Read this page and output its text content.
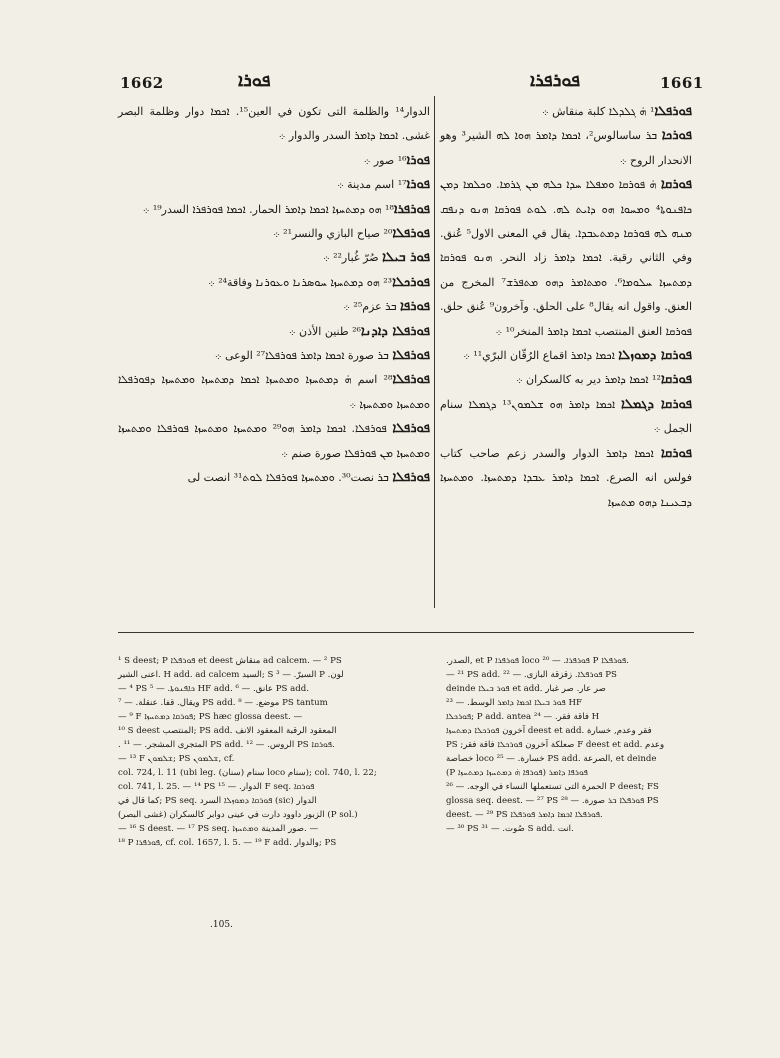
1662	ܦܘܪܐ	ܦܘܪܦܪܐ	1661

الدوار¹⁴ والظلمة التى تكون في العين¹⁵. ܐܟܡܐ دوار وظلمة البصر غشى. ܐܟܡܐ ܕܐܡܪ السدر والدوار ܀

ܦܘܪܐ¹⁶ صور ܀

ܦܘܪܐ¹⁷ اسم مدينة ܀

ܦܘܪܦܪܐ¹⁸ ܗܘ ܕܡܬܚܙܐ ܐܟܡܐ ܕܐܡܪ الحمار. ܐܟܡܐ ܦܘܪܦܪܐ السدر¹⁹ ܀

ܦܘܪܦܠܐ²⁰ صياح البازي والنسر²¹ ܀

ܦܘܪ ܒܝܠܐ صُرّ غُبار²² ܀

ܦܘܪܟܠܐ²³ ܗܘ ܕܡܬܚܙܐ ܚܘܣܪܢܐ ܘܥܘܪܢܐ وفاقة²⁴ ܀

ܦܘܪܦܐ ܒܪ عزم²⁵ ܀

ܦܘܪܦܠܐ ܕܐܕܢܐ²⁶ طنين الأذن ܀

ܦܘܪܦܠܐ ܒܪ صورة ܐܟܡܐ ܕܐܡܪ ܦܘܪܦܠܐ²⁷ الوعى ܀

ܦܘܪܦܠܐ²⁸ اسم ܗ̇ ܕܡܬܚܙܐ ܘܡܬܚܙܐ ܐܟܡܐ ܕܡܬܚܙܐ ܘܡܬܚܙܐ ܕܦܘܪܦܠܐ ܘܡܬܚܙܐ ܘܡܬܚܙܐ ܀

ܦܘܪܦܠܐ ܦܘܪܦܠܐ. ܐܟܡܐ ܕܐܡܪ ܗܘ²⁹ ܘܡܬܚܙܐ ܘܡܬܚܙܐ ܦܘܪܦܠܐ ܘܡܬܚܙܐ ܘܡܬܚܙܐ ܡܢ ܦܘܪܦܠܐ صورة صنم ܀

ܦܘܪܦܠܐ ܒܪ نصت³⁰. ܘܡܬܚܙܐ ܦܘܪܦܠܐ ܠܘܬ³¹ انصت لى

ܦܘܪܦܠܐ¹ ܗ̇ ܓܠܕܠܐ كلبة منقاش ܀

ܦܘܪܟܐ ܒܪ ساسالوس²، ܐܟܡܐ ܕܐܡܪ ܗܘܐ ܠܗ الشير³ وهو الانحدار الروح ܀

ܦܘܪܩܐ ܗ̇ ܦܘܪܩܐ ܘܡܦܠܐ ܚܕܐ ܟܠܗ ܡܢ ܓܪܡܐ. ܘܟܠܡܐ ܕܡܢ ܟܐܦܢܘܬܐ⁴ ܘܡܚܘܐ ܗܘ ܕܐܝܬ ܠܗ. ܠܘܬ ܦܘܪܩܐ ܗܢܘ ܕܢܦܩ ܡܢܗ ܠܗ ܦܘܪܩܐ ܕܡܬܥܒܕܐ. يقال في المعنى الاول⁵ عُنق. وفي الثاني رقبة. ܐܟܡܐ ܕܐܡܪ زاد النحر. ܗܢܘ ܦܘܪܩܐ ܕܡܬܚܙܐ ܚܠܘܡܐ⁶. ܘܡܬܐܡܪ ܕܗܘ ܡܬܦܪܫ⁷ المخرج من العنق. واقول انه يقال⁸ على الحلق. وآخرون⁹ عُنق حلق. ܦܘܪܩܐ العنق المنتصب ܐܟܡܐ ܕܐܡܪ المنخر¹⁰ ܀

ܦܘܪܩܐ ܕܡܘܙܠܐ ܐܟܡܐ ܕܐܡܪ اقماع الرُقّان البرّي¹¹ ܀

ܦܘܪܩܐ¹² ܐܟܡܐ ܕܐܡܪ دير به كالسكران ܀

ܦܘܪܩܐ ܕܓܡܠܐ ܐܟܡܐ ܕܐܡܪ ܗܘ ܫܠܡܘܢ¹³ ܕܓܡܠܐ سنام الجمل ܀

ܦܘܪܩܐ ܐܟܡܐ ܕܐܡܪ الدوار والسدر زعم صاحب كتاب فولس انه الصرع. ܐܟܡܐ ܕܐܡܪ ܥܒܕܐ ܕܡܬܚܙܐ. ܘܡܬܚܙܐ ܕܒܥܝܢܐ ܕܗܘ ܡܬܚܙܐ

¹ S deest; P ܦܘܪܦܠܐ et deest منقاش ad calcem. — ² PS

اعنى الشير. H add. ad calcem السيد; S السيرّ. — ³ P .لون

— ⁴ PS ܟܐܦܢܘܬܐ. — ⁵ HF add. عانق. — ⁶ PS add.

ويقال. قفا. عنقلة. — ⁷ PS add. موضع. — ⁸ PS tantum

— ⁹ F ܦܘܪܩܐ ܕܡܬܚܙܐ; PS hæc glossa deest. —

¹⁰ S deest المنتصب; PS add. المعقود الرقبة المعقود الانف

. المتجرى المشجر. — ¹¹ PS add. الروس. — ¹² PS ܦܘܪܩܐ.

— ¹³ F ܫܠܡܘܢ; PS ܫܠܡܘܢ, cf.

col. 724, l. 11 (ubi leg. سنام (سنان) loco سنام); col. 740, l. 22;

col. 741, l. 25. — ¹⁴ PS الدوار. — ¹⁵ F seq. ܦܘܪܩܐ

كما قال في; PS seq. ܦܘܪܩܐ ܕܡܘܙܠܐ السرد (sic) الدوار

الزبور داوود دارت في عينى دوابر كالسكران (غشى البصر) (P sol.)

— ¹⁶ S deest. — ¹⁷ PS seq. صور المدينة ܘܡܬܚܙܐ. —

¹⁸ P ܦܘܪܦܪܐ, cf. col. 1657, l. 5. — ¹⁹ F add. والدوار; PS

.الصدر, et P ܦܘܪܦܪܐ loco ܦܘܪܦܪܐ. — ²⁰ P ܦܘܪܦܠܐ.

— ²¹ PS add. ܦܘܪܦܠܐ. زقزقة البازى. — ²² PS

deinde ܦܘܪ ܒܝܠܐ et add. صر عار. صر غبار

ܦܘܪ ܒܝܠܐ ܐܟܡܐ ܕܐܡܪ الوسط. — ²³ HF

ܦܘܪܟܠܐ; P add. antea فاقة فقر. — ²⁴ H

آخرون ܦܘܪܟܠܐ ܕܡܬܚܙܐ deest et add. فقر وعدم, خسارة

PS ;صعلكة آخرون ܦܘܪܟܠܐ فاقة فقر F deest et add. وعدم

خصاصة loco خسارة. — ²⁵ PS add. الصرعة, et deinde

(P ܦܘܪܦܐ ܗ̇ ܕܡܬܚܙܐ ܕܡܬܚܙܐ) ܦܘܪܦܐ ܕܐܡܪ

الحمرة التى تستعملها النساء في الوجه. — ²⁶ P deest; FS

glossa seq. deest. — ²⁷ PS ܦܘܪܦܠܐ ܒܪ صورة. — ²⁸ PS

deest. — ²⁹ PS ܦܘܪܦܠܐ ܐܟܡܐ ܕܐܡܪ ܦܘܪܦܠܐ.

— ³⁰ PS صُوت. — ³¹ S add. انت.

.105.
